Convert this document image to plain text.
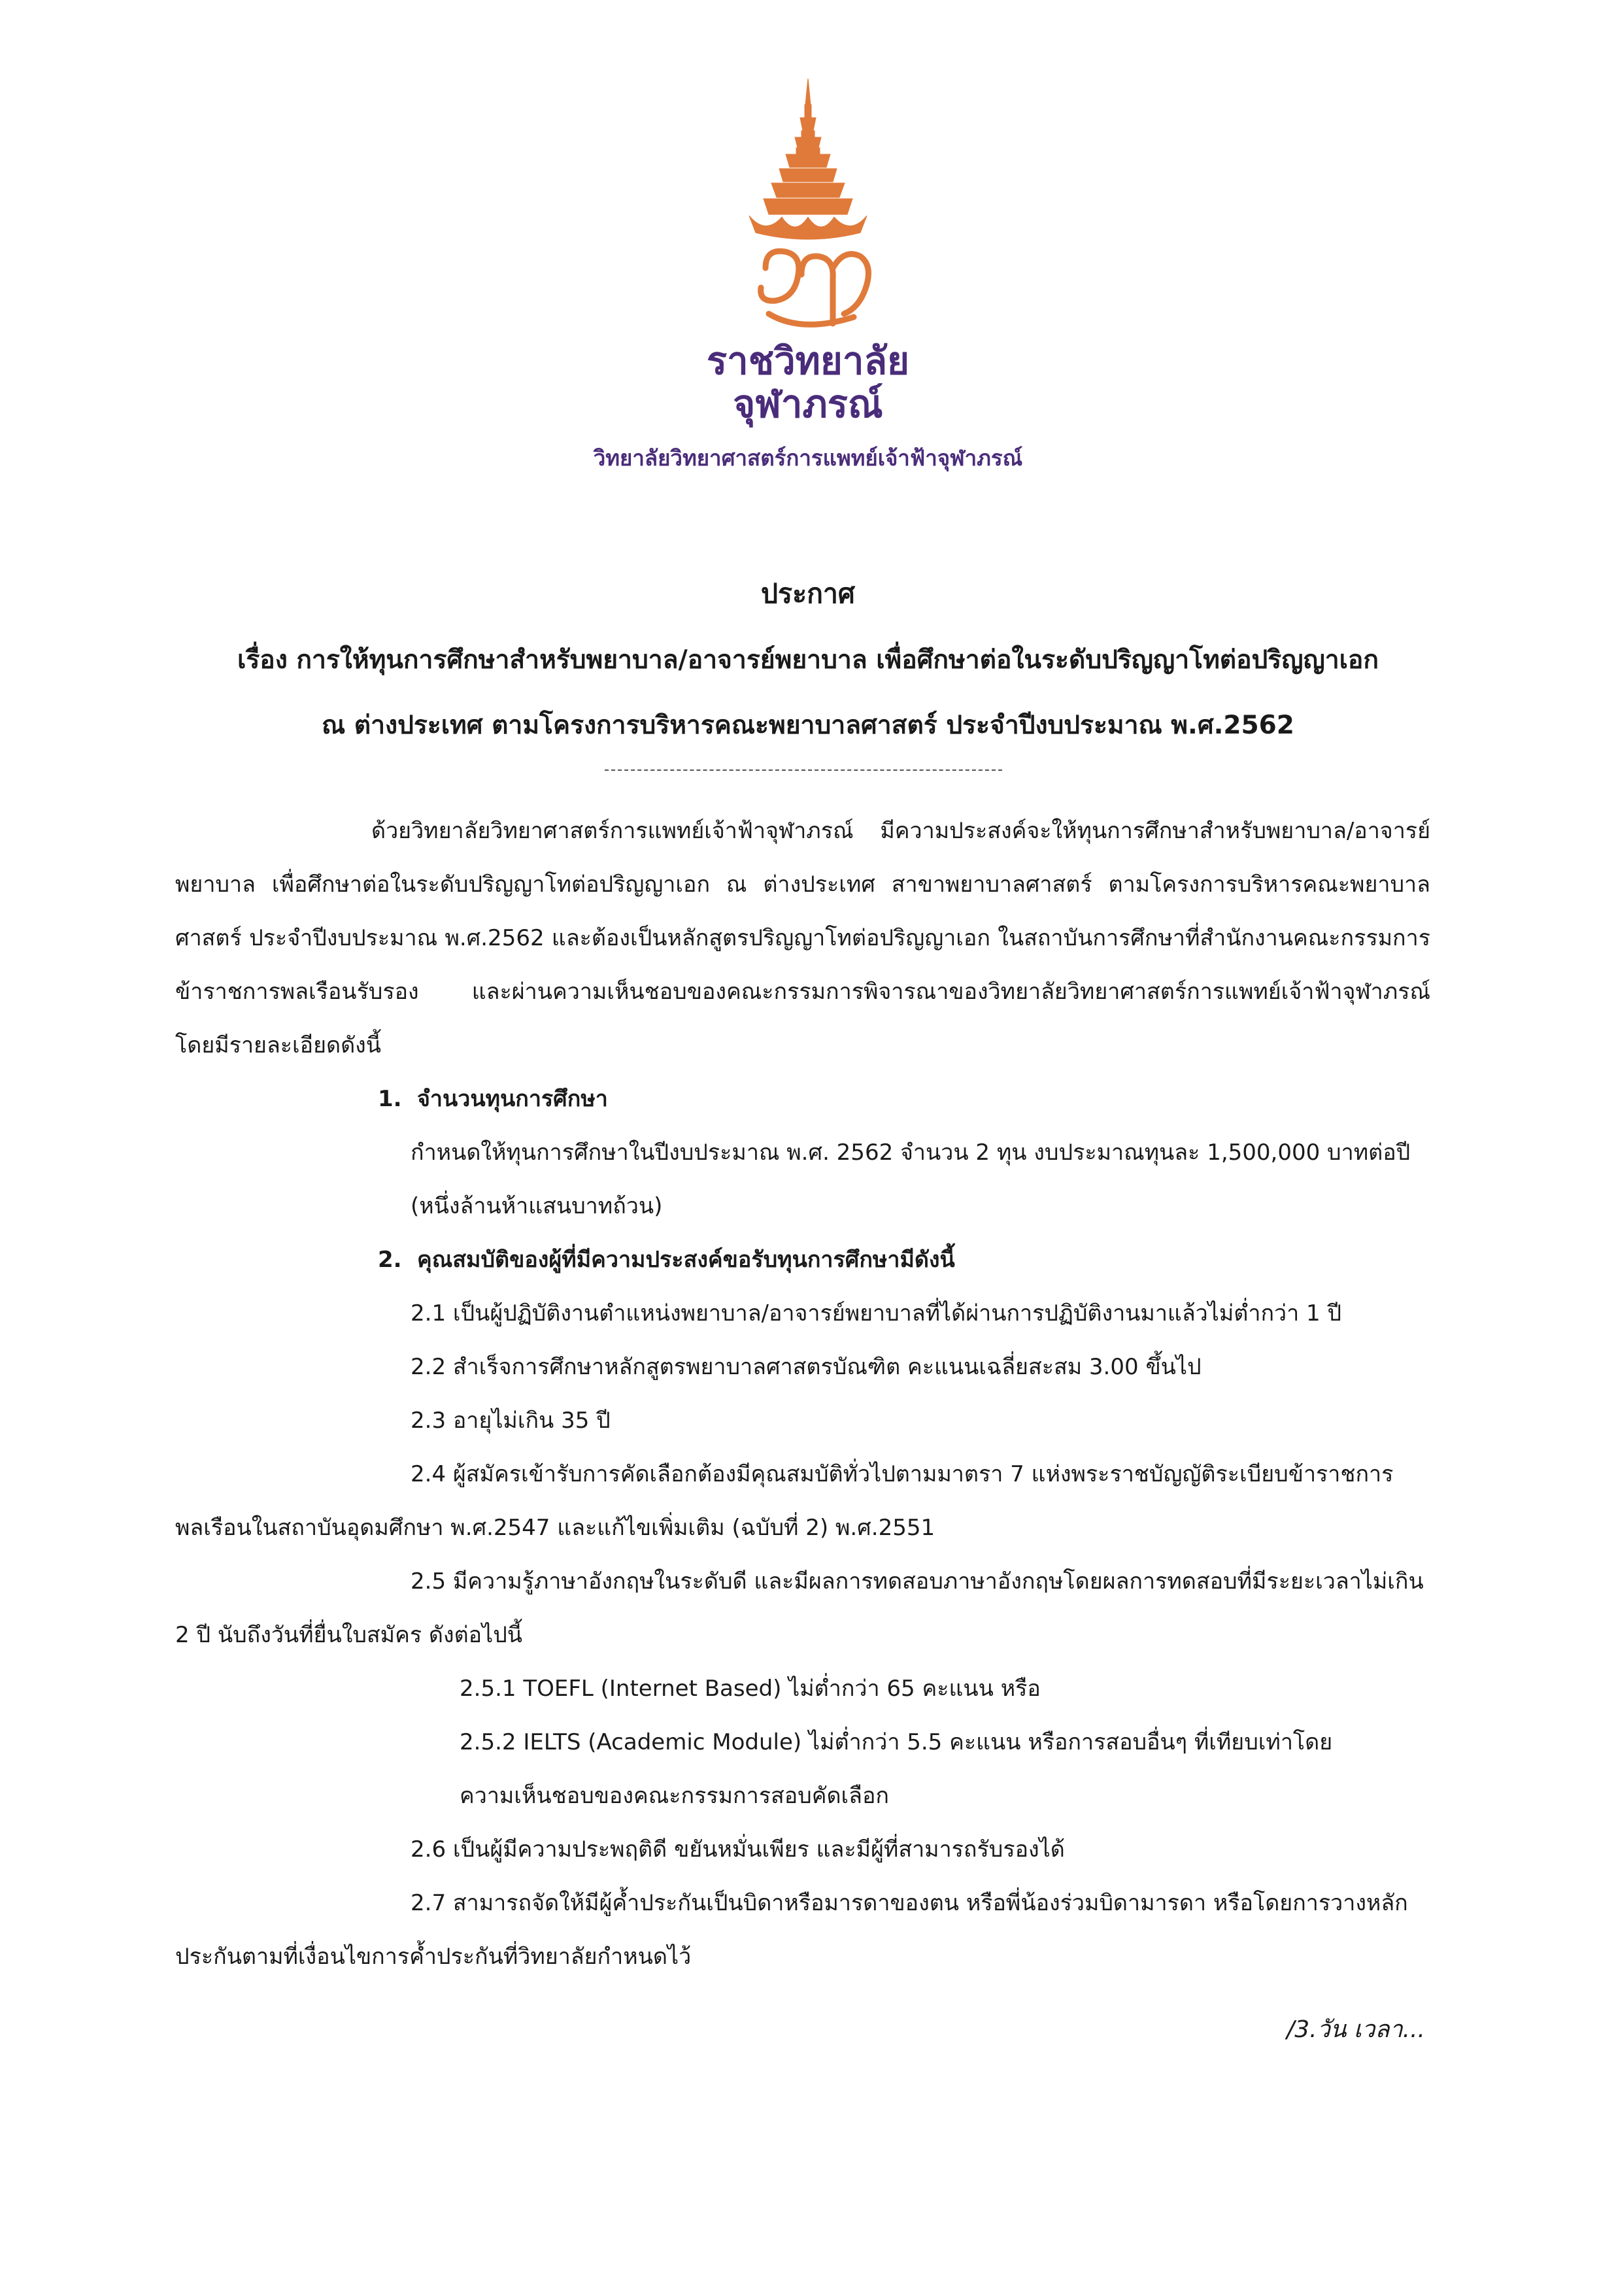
ราชวิทยาลัย
จุฬาภรณ์
วิทยาลัยวิทยาศาสตร์การแพทย์เจ้าฟ้าจุฬาภรณ์
ประกาศ
เรื่อง การให้ทุนการศึกษาสำหรับพยาบาล/อาจารย์พยาบาล เพื่อศึกษาต่อในระดับปริญญาโทต่อปริญญาเอก
ณ ต่างประเทศ ตามโครงการบริหารคณะพยาบาลศาสตร์ ประจำปีงบประมาณ พ.ศ.2562

ด้วยวิทยาลัยวิทยาศาสตร์การแพทย์เจ้าฟ้าจุฬาภรณ์ มีความประสงค์จะให้ทุนการศึกษาสำหรับพยาบาล/อาจารย์พยาบาล เพื่อศึกษาต่อในระดับปริญญาโทต่อปริญญาเอก ณ ต่างประเทศ สาขาพยาบาลศาสตร์ ตามโครงการบริหารคณะพยาบาลศาสตร์ ประจำปีงบประมาณ พ.ศ.2562 และต้องเป็นหลักสูตรปริญญาโทต่อปริญญาเอก ในสถาบันการศึกษาที่สำนักงานคณะกรรมการข้าราชการพลเรือนรับรอง และผ่านความเห็นชอบของคณะกรรมการพิจารณาของวิทยาลัยวิทยาศาสตร์การแพทย์เจ้าฟ้าจุฬาภรณ์ โดยมีรายละเอียดดังนี้

1. จำนวนทุนการศึกษา

กำหนดให้ทุนการศึกษาในปีงบประมาณ พ.ศ. 2562 จำนวน 2 ทุน งบประมาณทุนละ 1,500,000 บาทต่อปี

(หนึ่งล้านห้าแสนบาทถ้วน)

2. คุณสมบัติของผู้ที่มีความประสงค์ขอรับทุนการศึกษามีดังนี้

2.1 เป็นผู้ปฏิบัติงานตำแหน่งพยาบาล/อาจารย์พยาบาลที่ได้ผ่านการปฏิบัติงานมาแล้วไม่ต่ำกว่า 1 ปี

2.2 สำเร็จการศึกษาหลักสูตรพยาบาลศาสตรบัณฑิต คะแนนเฉลี่ยสะสม 3.00 ขึ้นไป

2.3 อายุไม่เกิน 35 ปี

2.4 ผู้สมัครเข้ารับการคัดเลือกต้องมีคุณสมบัติทั่วไปตามมาตรา 7 แห่งพระราชบัญญัติระเบียบข้าราชการพลเรือนในสถาบันอุดมศึกษา พ.ศ.2547 และแก้ไขเพิ่มเติม (ฉบับที่ 2) พ.ศ.2551

2.5 มีความรู้ภาษาอังกฤษในระดับดี และมีผลการทดสอบภาษาอังกฤษโดยผลการทดสอบที่มีระยะเวลาไม่เกิน 2 ปี นับถึงวันที่ยื่นใบสมัคร ดังต่อไปนี้

2.5.1 TOEFL (Internet Based) ไม่ต่ำกว่า 65 คะแนน หรือ

2.5.2 IELTS (Academic Module) ไม่ต่ำกว่า 5.5 คะแนน หรือการสอบอื่นๆ ที่เทียบเท่าโดย

ความเห็นชอบของคณะกรรมการสอบคัดเลือก

2.6 เป็นผู้มีความประพฤติดี ขยันหมั่นเพียร และมีผู้ที่สามารถรับรองได้

2.7 สามารถจัดให้มีผู้ค้ำประกันเป็นบิดาหรือมารดาของตน หรือพี่น้องร่วมบิดามารดา หรือโดยการวางหลักประกันตามที่เงื่อนไขการค้ำประกันที่วิทยาลัยกำหนดไว้

/3.วัน เวลา...
